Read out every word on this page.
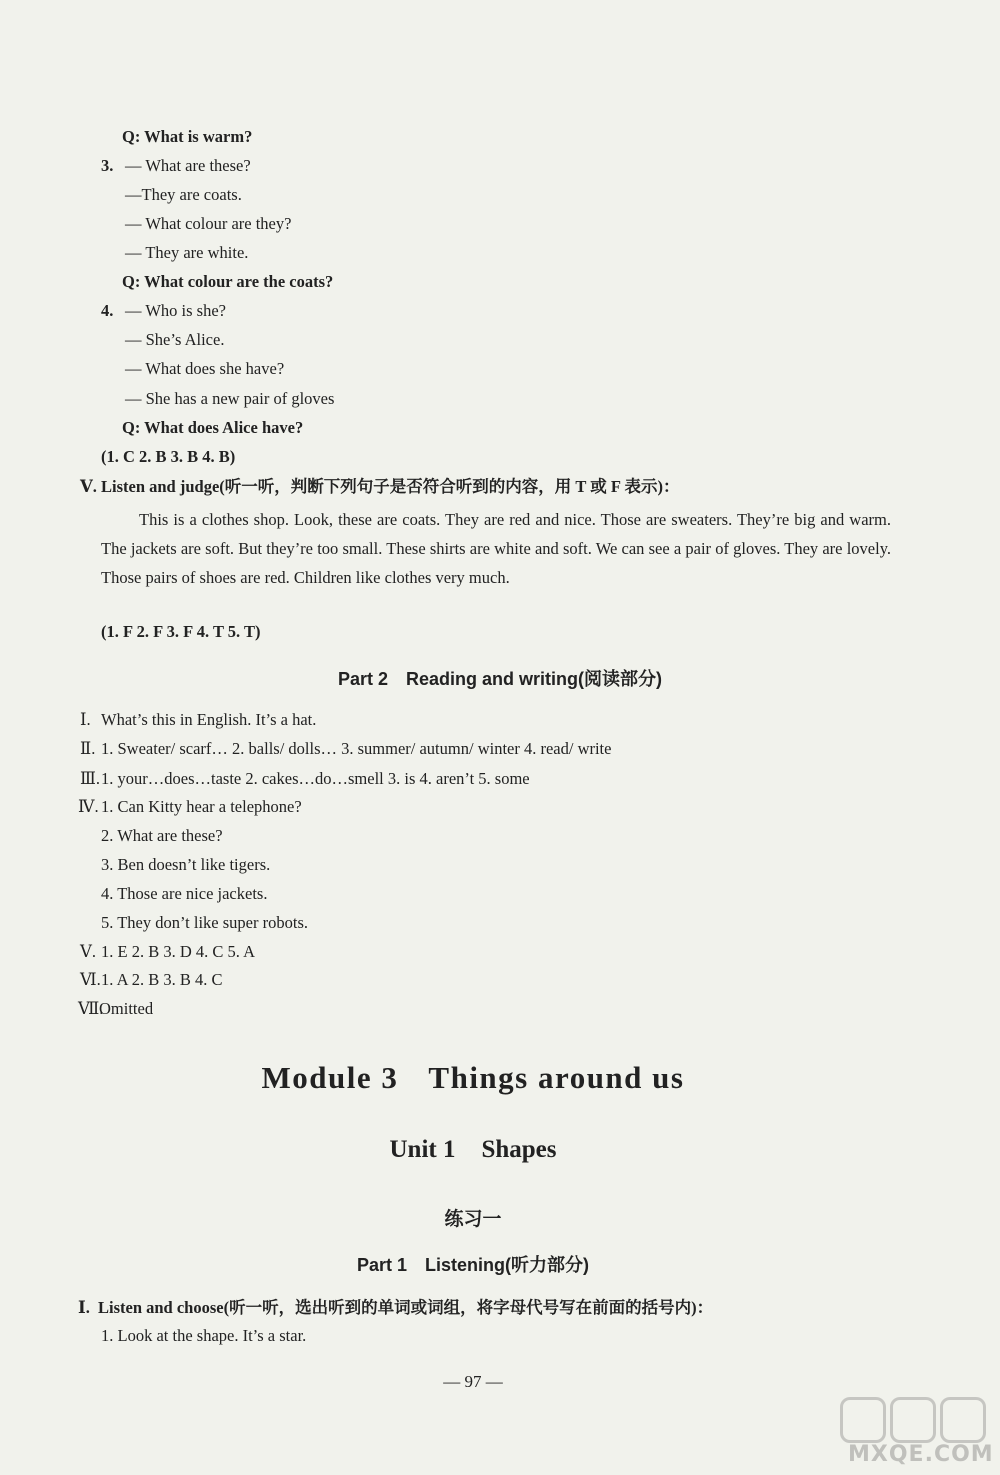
Q: What is warm?
3. — What are these?
—They are coats.
— What colour are they?
— They are white.
Q: What colour are the coats?
4. — Who is she?
— She’s Alice.
— What does she have?
— She has a new pair of gloves
Q: What does Alice have?
(1. C 2. B 3. B 4. B)
Ⅴ. Listen and judge(听一听，判断下列句子是否符合听到的内容，用 T 或 F 表示)：
This is a clothes shop. Look, these are coats. They are red and nice. Those are sweaters. They’re big and warm. The jackets are soft. But they’re too small. These shirts are white and soft. We can see a pair of gloves. They are lovely. Those pairs of shoes are red. Children like clothes very much.
(1. F 2. F 3. F 4. T 5. T)
Part 2 Reading and writing(阅读部分)
Ⅰ. What’s this in English. It’s a hat.
Ⅱ. 1. Sweater/ scarf… 2. balls/ dolls… 3. summer/ autumn/ winter 4. read/ write
Ⅲ. 1. your…does…taste 2. cakes…do…smell 3. is 4. aren’t 5. some
Ⅳ. 1. Can Kitty hear a telephone?
2. What are these?
3. Ben doesn’t like tigers.
4. Those are nice jackets.
5. They don’t like super robots.
Ⅴ. 1. E 2. B 3. D 4. C 5. A
Ⅵ. 1. A 2. B 3. B 4. C
Ⅶ.
Omitted
Module 3 Things around us
Unit 1 Shapes
练习一
Part 1 Listening(听力部分)
Ⅰ. Listen and choose(听一听，选出听到的单词或词组，将字母代号写在前面的括号内)：
1. Look at the shape. It’s a star.
— 97 —
MXQE.COM
